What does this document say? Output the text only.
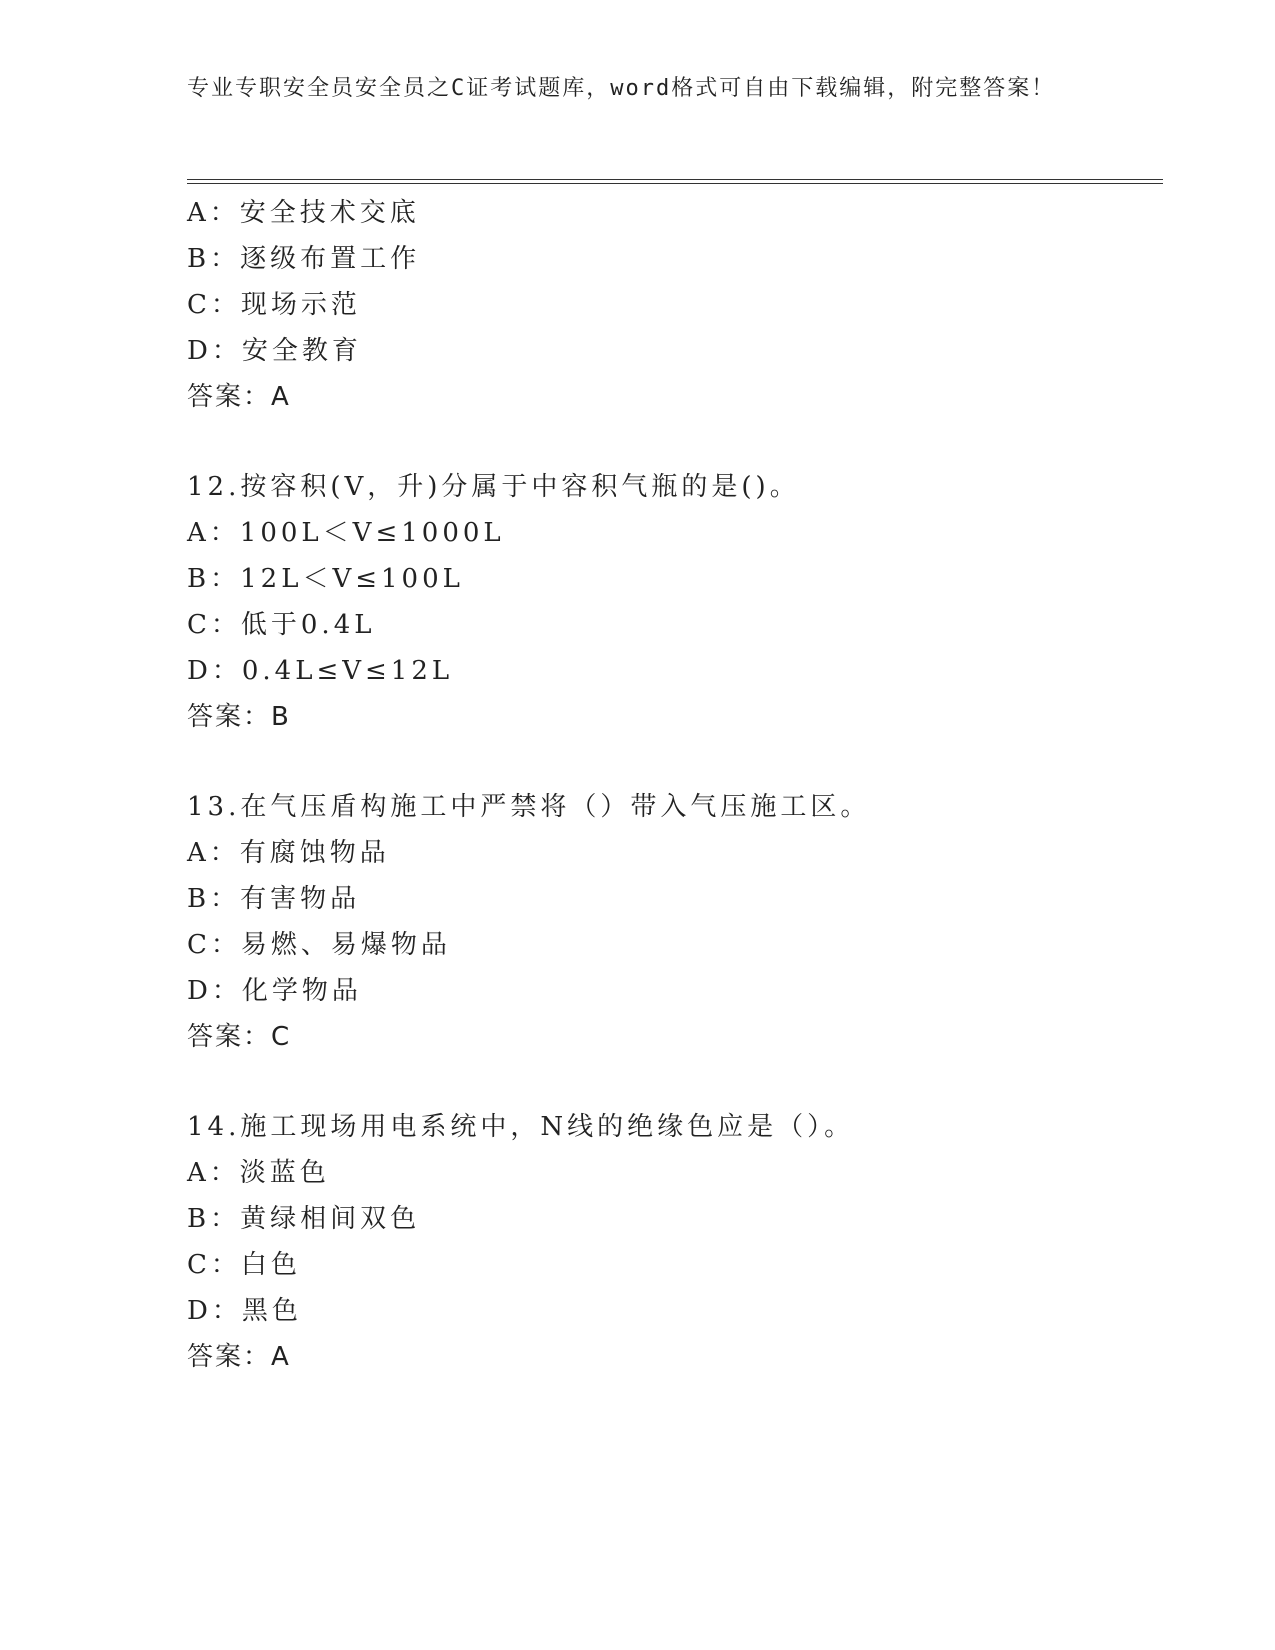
专业专职安全员安全员之C证考试题库，word格式可自由下载编辑，附完整答案！
A：安全技术交底
B：逐级布置工作
C：现场示范
D：安全教育
答案：A
12.按容积(V，升)分属于中容积气瓶的是()。
A：100L＜V≤1000L
B：12L＜V≤100L
C：低于0.4L
D：0.4L≤V≤12L
答案：B
13.在气压盾构施工中严禁将（）带入气压施工区。
A：有腐蚀物品
B：有害物品
C：易燃、易爆物品
D：化学物品
答案：C
14.施工现场用电系统中，N线的绝缘色应是（）。
A：淡蓝色
B：黄绿相间双色
C：白色
D：黑色
答案：A
